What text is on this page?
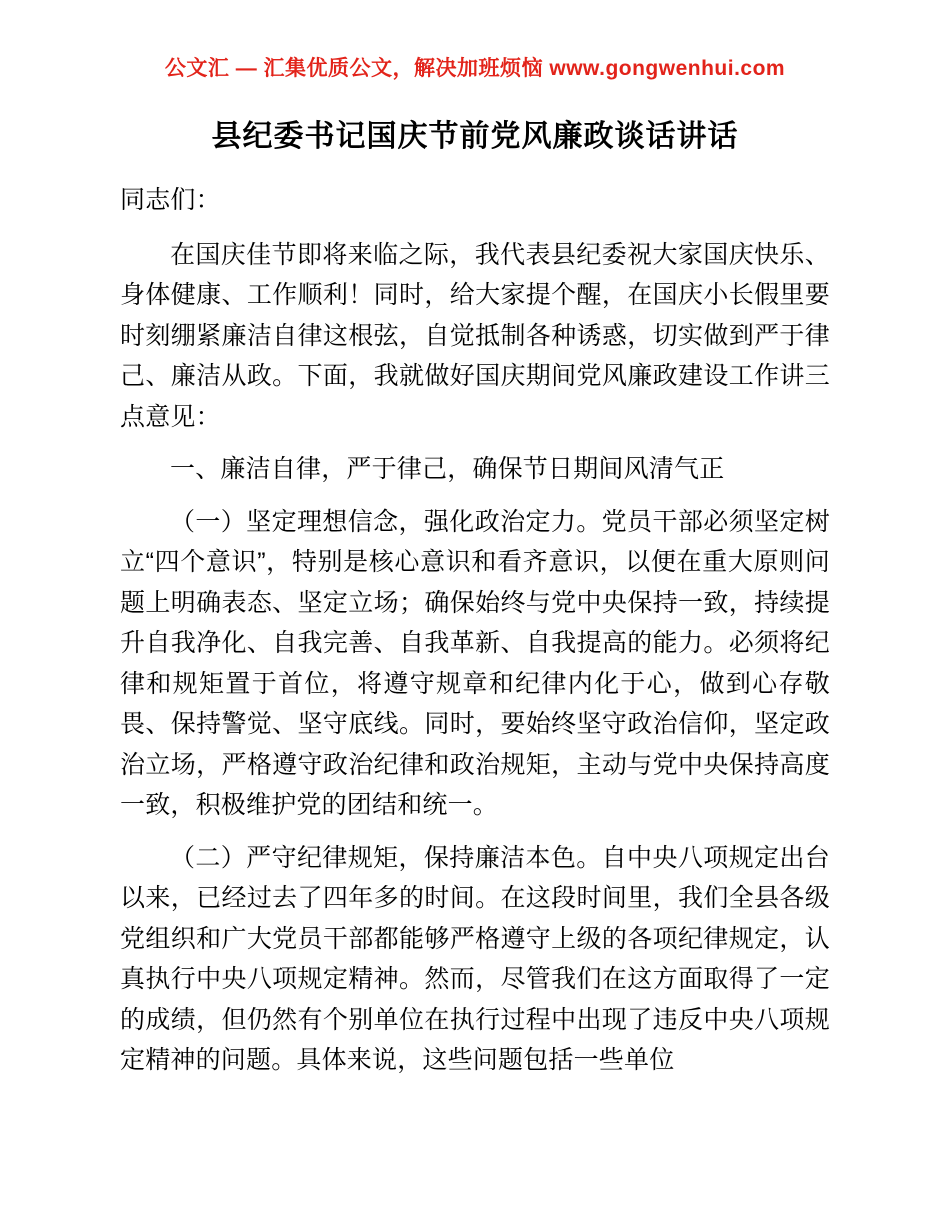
公文汇 — 汇集优质公文，解决加班烦恼 www.gongwenhui.com
县纪委书记国庆节前党风廉政谈话讲话

同志们：

在国庆佳节即将来临之际，我代表县纪委祝大家国庆快乐、身体健康、工作顺利！同时，给大家提个醒，在国庆小长假里要时刻绷紧廉洁自律这根弦，自觉抵制各种诱惑，切实做到严于律己、廉洁从政。下面，我就做好国庆期间党风廉政建设工作讲三点意见：

一、廉洁自律，严于律己，确保节日期间风清气正

（一）坚定理想信念，强化政治定力。党员干部必须坚定树立“四个意识”，特别是核心意识和看齐意识，以便在重大原则问题上明确表态、坚定立场；确保始终与党中央保持一致，持续提升自我净化、自我完善、自我革新、自我提高的能力。必须将纪律和规矩置于首位，将遵守规章和纪律内化于心，做到心存敬畏、保持警觉、坚守底线。同时，要始终坚守政治信仰，坚定政治立场，严格遵守政治纪律和政治规矩，主动与党中央保持高度一致，积极维护党的团结和统一。

（二）严守纪律规矩，保持廉洁本色。自中央八项规定出台以来，已经过去了四年多的时间。在这段时间里，我们全县各级党组织和广大党员干部都能够严格遵守上级的各项纪律规定，认真执行中央八项规定精神。然而，尽管我们在这方面取得了一定的成绩，但仍然有个别单位在执行过程中出现了违反中央八项规定精神的问题。具体来说，这些问题包括一些单位
